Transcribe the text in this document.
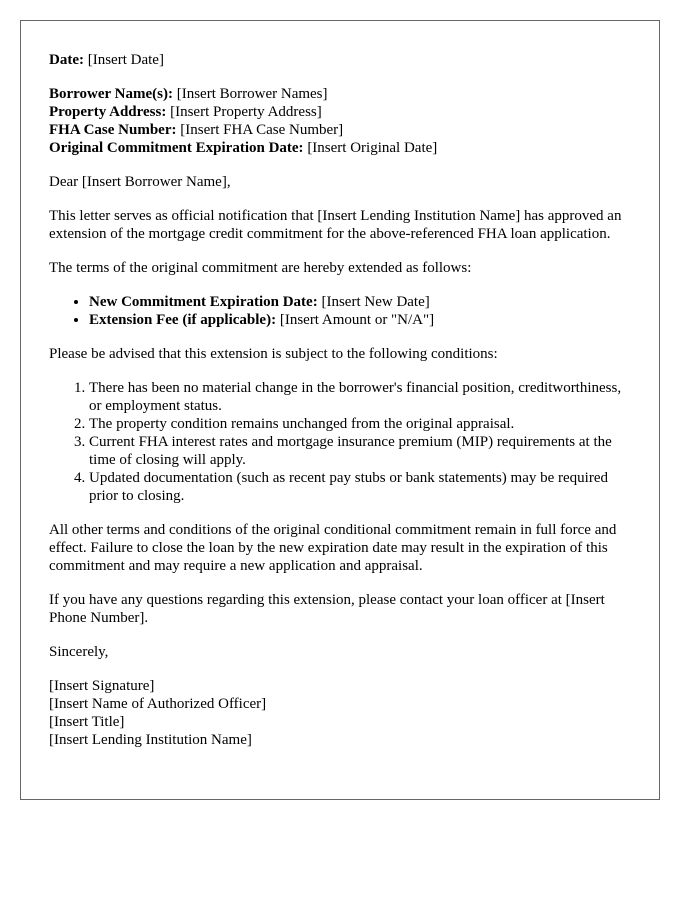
Date: [Insert Date]

Borrower Name(s): [Insert Borrower Names]
Property Address: [Insert Property Address]
FHA Case Number: [Insert FHA Case Number]
Original Commitment Expiration Date: [Insert Original Date]

Dear [Insert Borrower Name],

This letter serves as official notification that [Insert Lending Institution Name] has approved an extension of the mortgage credit commitment for the above-referenced FHA loan application.

The terms of the original commitment are hereby extended as follows:

• New Commitment Expiration Date: [Insert New Date]
• Extension Fee (if applicable): [Insert Amount or "N/A"]

Please be advised that this extension is subject to the following conditions:

1. There has been no material change in the borrower's financial position, creditworthiness, or employment status.
2. The property condition remains unchanged from the original appraisal.
3. Current FHA interest rates and mortgage insurance premium (MIP) requirements at the time of closing will apply.
4. Updated documentation (such as recent pay stubs or bank statements) may be required prior to closing.

All other terms and conditions of the original conditional commitment remain in full force and effect. Failure to close the loan by the new expiration date may result in the expiration of this commitment and may require a new application and appraisal.

If you have any questions regarding this extension, please contact your loan officer at [Insert Phone Number].

Sincerely,

[Insert Signature]
[Insert Name of Authorized Officer]
[Insert Title]
[Insert Lending Institution Name]
